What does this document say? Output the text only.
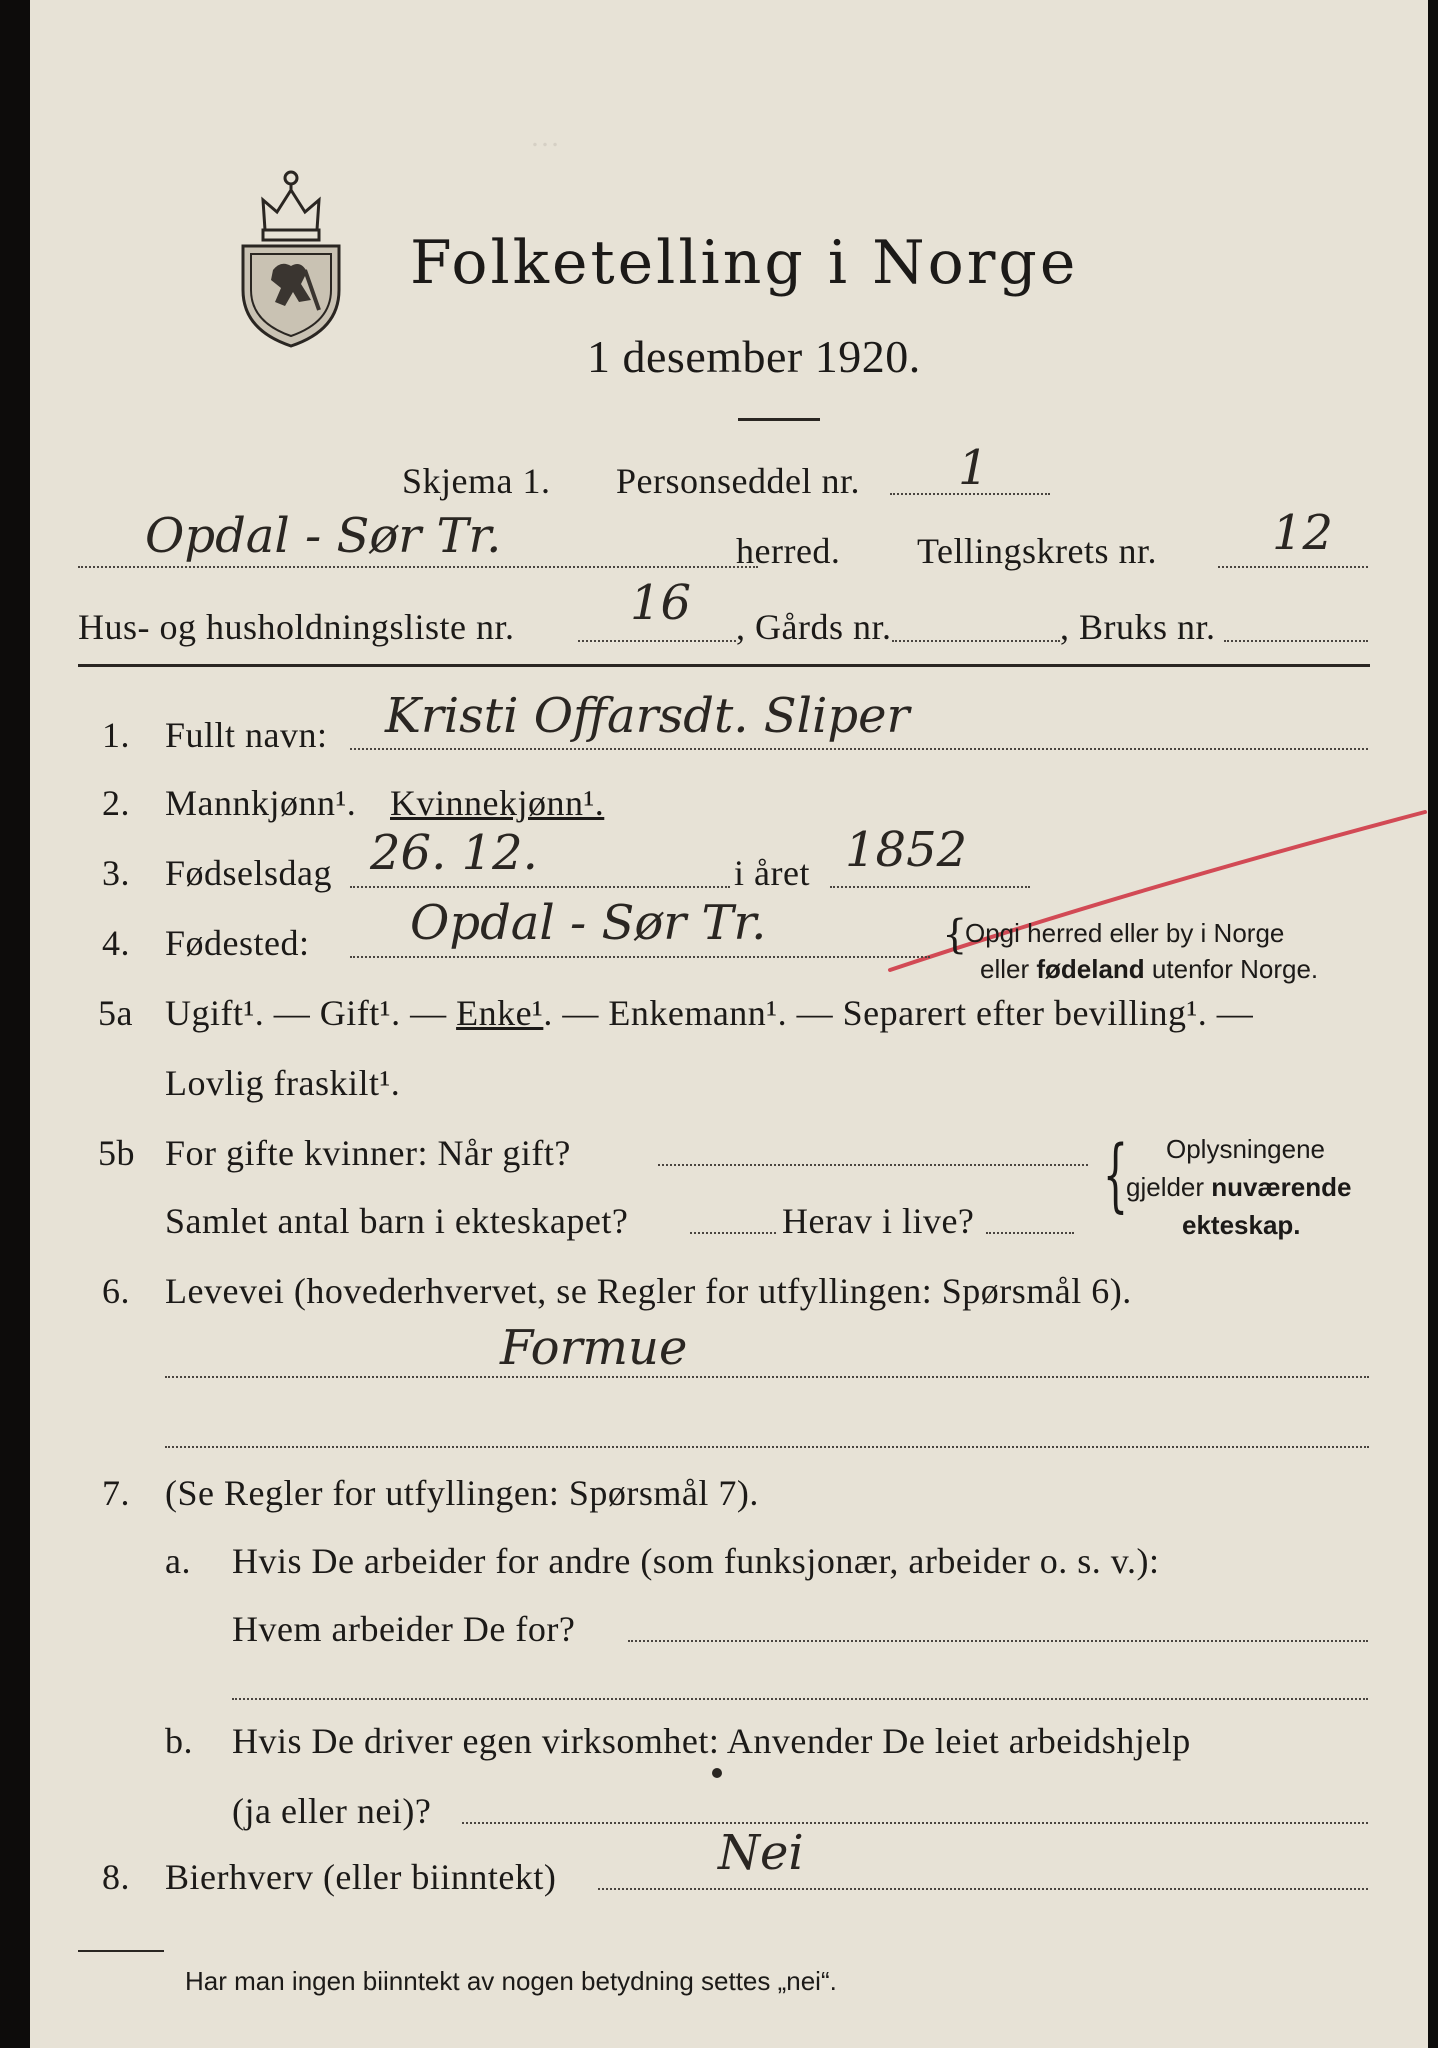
…
Folketelling i Norge
1 desember 1920.
Skjema 1. Personseddel nr. 1
Opdal - Sør Tr.	herred. Tellingskrets nr. 12
Hus- og husholdningsliste nr. 16 , Gårds nr.	, Bruks nr.
1. Fullt navn: Kristi Offarsdt. Sliper
2. Mannkjønn¹. Kvinnekjønn¹.
3. Fødselsdag 26. 12.	i året 1852
4. Fødested: Opdal - Sør Tr.	{
Opgi herred eller by i Norge
eller fødeland utenfor Norge.
5a Ugift¹. — Gift¹. — Enke¹. — Enkemann¹. — Separert efter bevilling¹. —
Lovlig fraskilt¹.
5b For gifte kvinner: Når gift?
Samlet antal barn i ekteskapet?	Herav i live? { Oplysningene
gjelder nuværende
ekteskap.
6. Levevei (hovederhvervet, se Regler for utfyllingen: Spørsmål 6).
Formue
7. (Se Regler for utfyllingen: Spørsmål 7).
a. Hvis De arbeider for andre (som funksjonær, arbeider o. s. v.):
Hvem arbeider De for?
b. Hvis De driver egen virksomhet: Anvender De leiet arbeidshjelp
(ja eller nei)?
8. Bierhverv (eller biinntekt)	Nei
Har man ingen biinntekt av nogen betydning settes „nei“.
